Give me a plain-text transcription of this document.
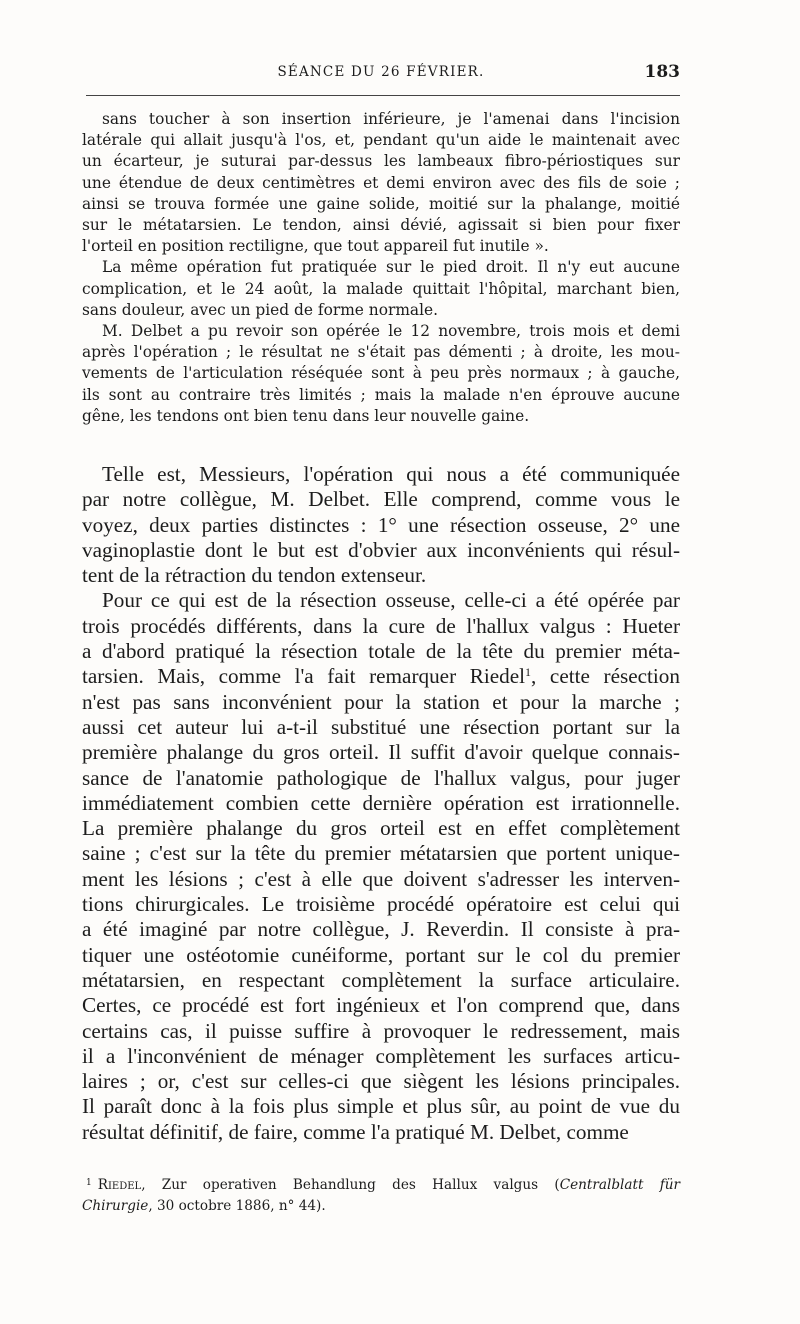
SÉANCE DU 26 FÉVRIER.	183
sans toucher à son insertion inférieure, je l'amenai dans l'incision
latérale qui allait jusqu'à l'os, et, pendant qu'un aide le maintenait avec
un écarteur, je suturai par-dessus les lambeaux fibro-périostiques sur
une étendue de deux centimètres et demi environ avec des fils de soie ;
ainsi se trouva formée une gaine solide, moitié sur la phalange, moitié
sur le métatarsien. Le tendon, ainsi dévié, agissait si bien pour fixer
l'orteil en position rectiligne, que tout appareil fut inutile ».
La même opération fut pratiquée sur le pied droit. Il n'y eut aucune
complication, et le 24 août, la malade quittait l'hôpital, marchant bien,
sans douleur, avec un pied de forme normale.
M. Delbet a pu revoir son opérée le 12 novembre, trois mois et demi
après l'opération ; le résultat ne s'était pas démenti ; à droite, les mou-
vements de l'articulation réséquée sont à peu près normaux ; à gauche,
ils sont au contraire très limités ; mais la malade n'en éprouve aucune
gêne, les tendons ont bien tenu dans leur nouvelle gaine.
Telle est, Messieurs, l'opération qui nous a été communiquée
par notre collègue, M. Delbet. Elle comprend, comme vous le
voyez, deux parties distinctes : 1° une résection osseuse, 2° une
vaginoplastie dont le but est d'obvier aux inconvénients qui résul-
tent de la rétraction du tendon extenseur.
Pour ce qui est de la résection osseuse, celle-ci a été opérée par
trois procédés différents, dans la cure de l'hallux valgus : Hueter
a d'abord pratiqué la résection totale de la tête du premier méta-
tarsien. Mais, comme l'a fait remarquer Riedel$^1$, cette résection
n'est pas sans inconvénient pour la station et pour la marche ;
aussi cet auteur lui a-t-il substitué une résection portant sur la
première phalange du gros orteil. Il suffit d'avoir quelque connais-
sance de l'anatomie pathologique de l'hallux valgus, pour juger
immédiatement combien cette dernière opération est irrationnelle.
La première phalange du gros orteil est en effet complètement
saine ; c'est sur la tête du premier métatarsien que portent unique-
ment les lésions ; c'est à elle que doivent s'adresser les interven-
tions chirurgicales. Le troisième procédé opératoire est celui qui
a été imaginé par notre collègue, J. Reverdin. Il consiste à pra-
tiquer une ostéotomie cunéiforme, portant sur le col du premier
métatarsien, en respectant complètement la surface articulaire.
Certes, ce procédé est fort ingénieux et l'on comprend que, dans
certains cas, il puisse suffire à provoquer le redressement, mais
il a l'inconvénient de ménager complètement les surfaces articu-
laires ; or, c'est sur celles-ci que siègent les lésions principales.
Il paraît donc à la fois plus simple et plus sûr, au point de vue du
résultat définitif, de faire, comme l'a pratiqué M. Delbet, comme
$^1$ Riedel, Zur operativen Behandlung des Hallux valgus (Centralblatt für
Chirurgie, 30 octobre 1886, n° 44).
